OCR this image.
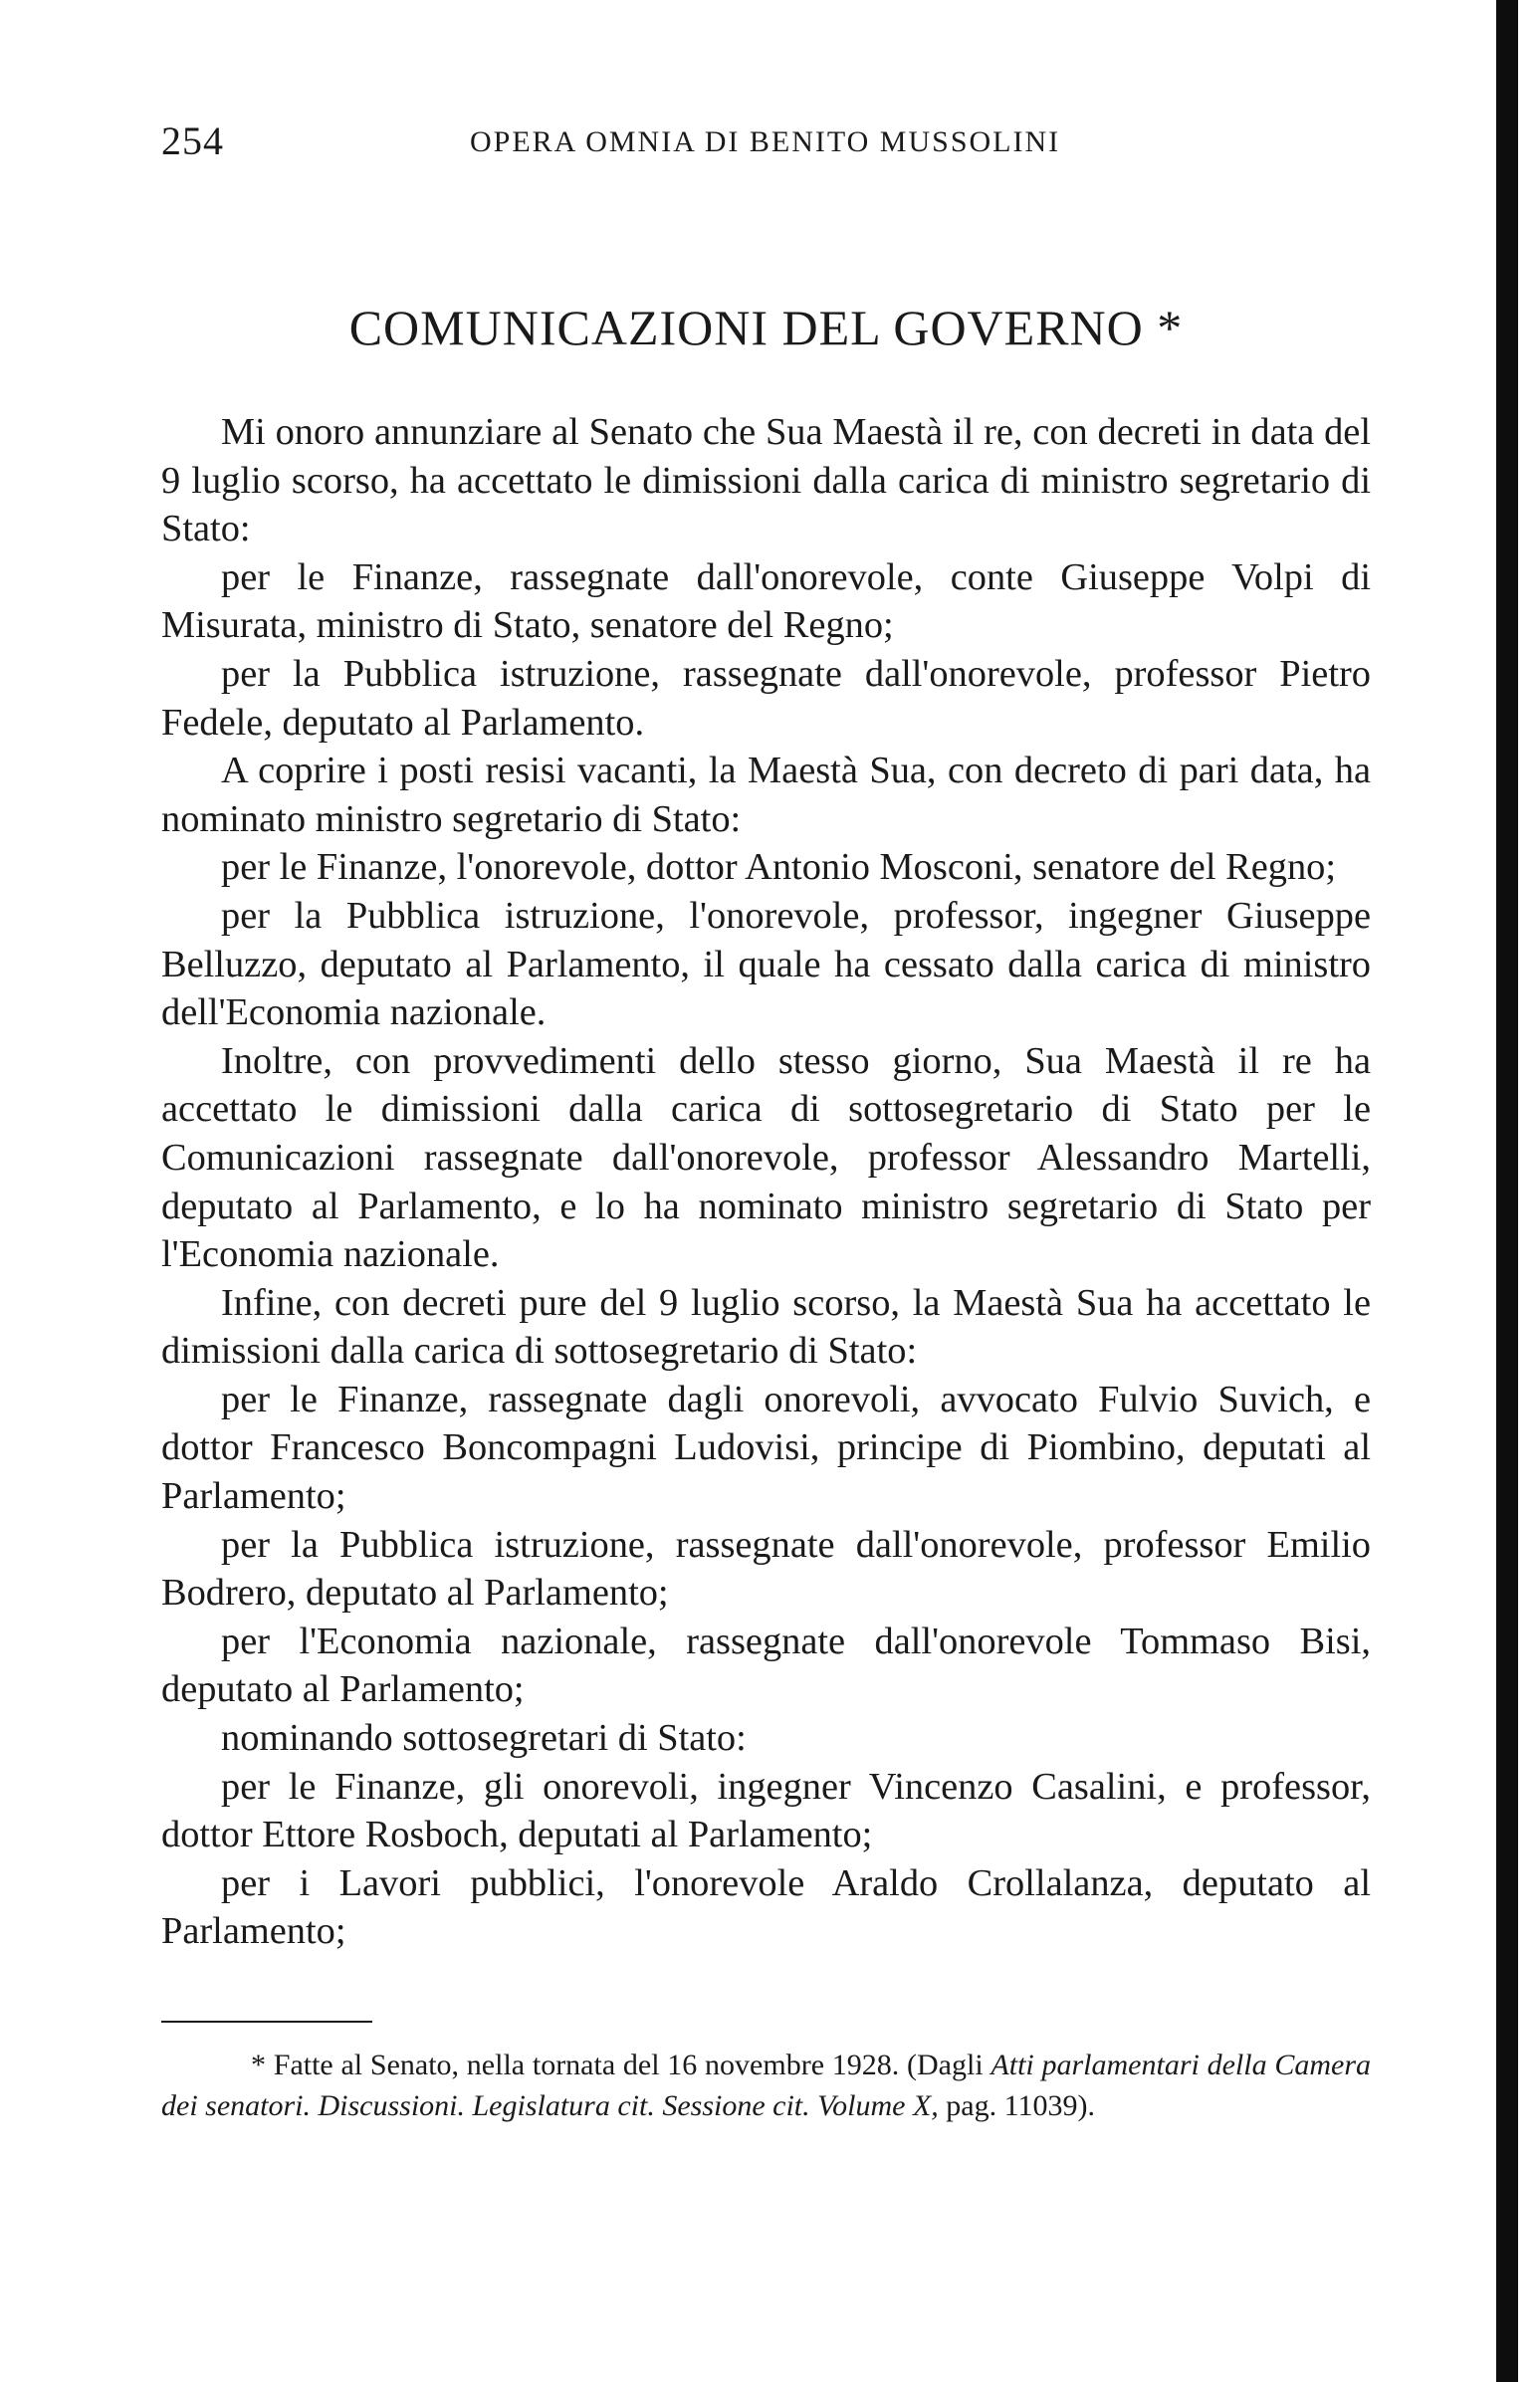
254	OPERA OMNIA DI BENITO MUSSOLINI
COMUNICAZIONI DEL GOVERNO *

Mi onoro annunziare al Senato che Sua Maestà il re, con decreti in data del 9 luglio scorso, ha accettato le dimissioni dalla carica di ministro segretario di Stato:

per le Finanze, rassegnate dall'onorevole, conte Giuseppe Volpi di Misurata, ministro di Stato, senatore del Regno;

per la Pubblica istruzione, rassegnate dall'onorevole, professor Pietro Fedele, deputato al Parlamento.

A coprire i posti resisi vacanti, la Maestà Sua, con decreto di pari data, ha nominato ministro segretario di Stato:

per le Finanze, l'onorevole, dottor Antonio Mosconi, senatore del Regno;

per la Pubblica istruzione, l'onorevole, professor, ingegner Giuseppe Belluzzo, deputato al Parlamento, il quale ha cessato dalla carica di ministro dell'Economia nazionale.

Inoltre, con provvedimenti dello stesso giorno, Sua Maestà il re ha accettato le dimissioni dalla carica di sottosegretario di Stato per le Comunicazioni rassegnate dall'onorevole, professor Alessandro Martelli, deputato al Parlamento, e lo ha nominato ministro segretario di Stato per l'Economia nazionale.

Infine, con decreti pure del 9 luglio scorso, la Maestà Sua ha accettato le dimissioni dalla carica di sottosegretario di Stato:

per le Finanze, rassegnate dagli onorevoli, avvocato Fulvio Suvich, e dottor Francesco Boncompagni Ludovisi, principe di Piombino, deputati al Parlamento;

per la Pubblica istruzione, rassegnate dall'onorevole, professor Emilio Bodrero, deputato al Parlamento;

per l'Economia nazionale, rassegnate dall'onorevole Tommaso Bisi, deputato al Parlamento;

nominando sottosegretari di Stato:

per le Finanze, gli onorevoli, ingegner Vincenzo Casalini, e professor, dottor Ettore Rosboch, deputati al Parlamento;

per i Lavori pubblici, l'onorevole Araldo Crollalanza, deputato al Parlamento;

* Fatte al Senato, nella tornata del 16 novembre 1928. (Dagli Atti parlamentari della Camera dei senatori. Discussioni. Legislatura cit. Sessione cit. Volume X, pag. 11039).
